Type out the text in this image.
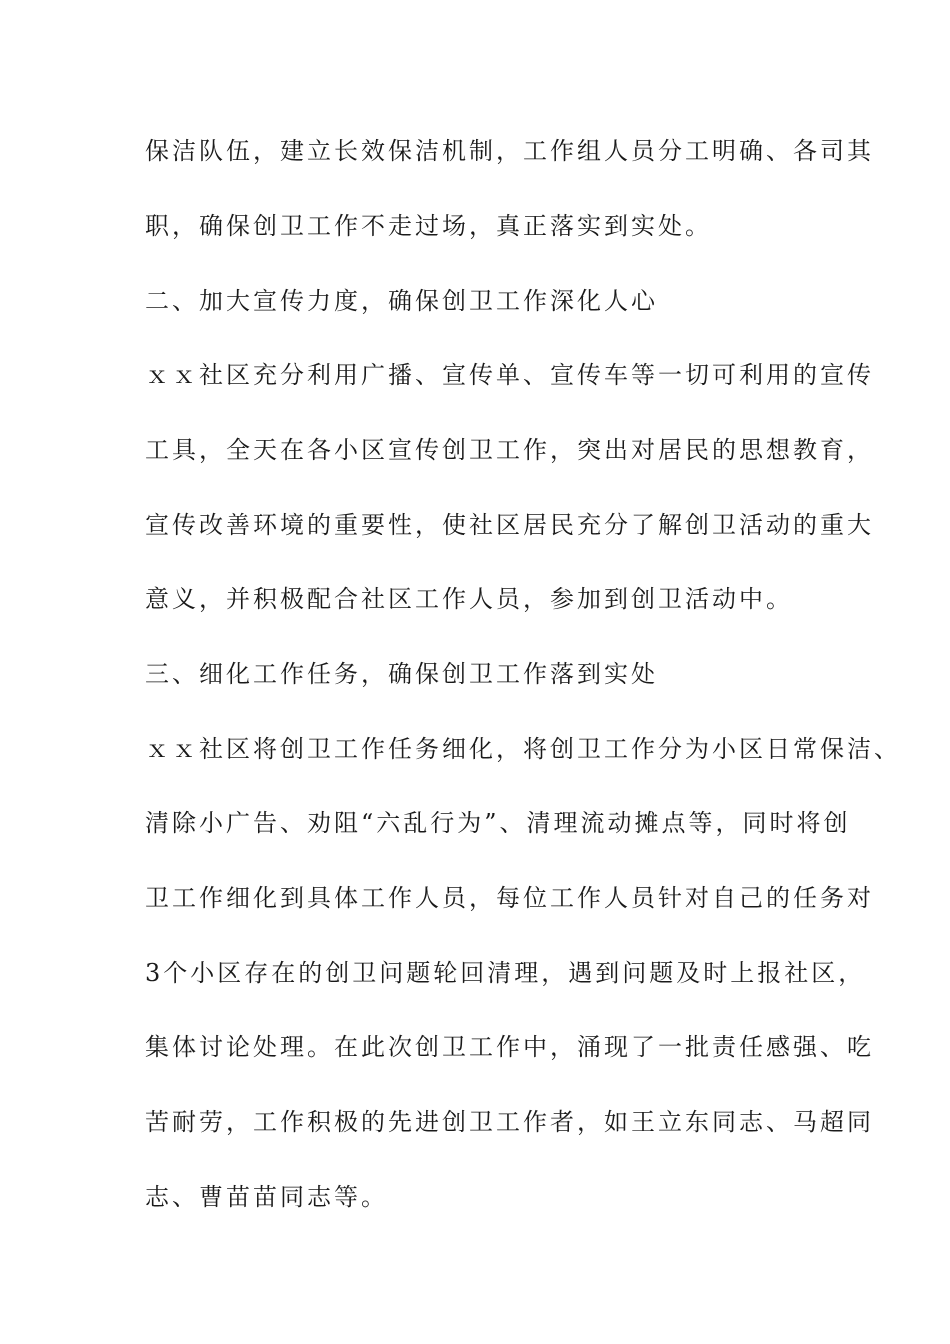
保洁队伍，建立长效保洁机制，工作组人员分工明确、各司其
职，确保创卫工作不走过场，真正落实到实处。
二、加大宣传力度，确保创卫工作深化人心
ｘｘ社区充分利用广播、宣传单、宣传车等一切可利用的宣传
工具，全天在各小区宣传创卫工作，突出对居民的思想教育，
宣传改善环境的重要性，使社区居民充分了解创卫活动的重大
意义，并积极配合社区工作人员，参加到创卫活动中。
三、细化工作任务，确保创卫工作落到实处
ｘｘ社区将创卫工作任务细化，将创卫工作分为小区日常保洁、
清除小广告、劝阻“六乱行为”、清理流动摊点等，同时将创
卫工作细化到具体工作人员，每位工作人员针对自己的任务对
3个小区存在的创卫问题轮回清理，遇到问题及时上报社区，
集体讨论处理。在此次创卫工作中，涌现了一批责任感强、吃
苦耐劳，工作积极的先进创卫工作者，如王立东同志、马超同
志、曹苗苗同志等。
